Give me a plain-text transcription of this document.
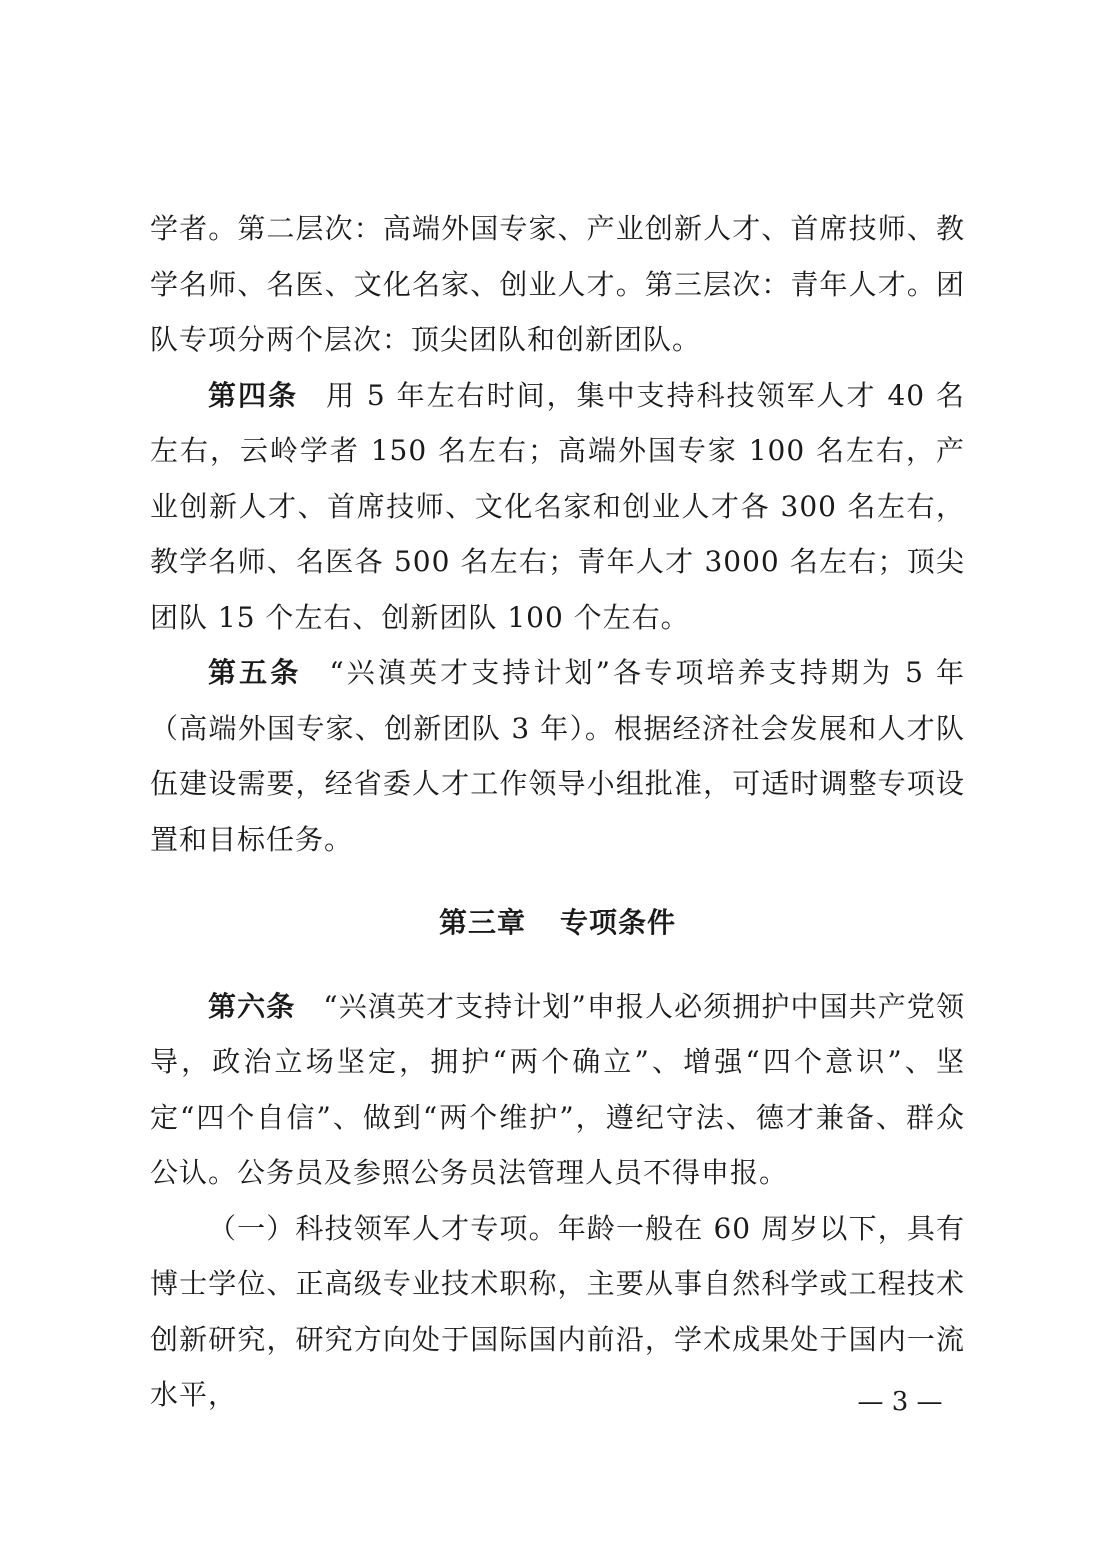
学者。第二层次：高端外国专家、产业创新人才、首席技师、教学名师、名医、文化名家、创业人才。第三层次：青年人才。团队专项分两个层次：顶尖团队和创新团队。

第四条 用 5 年左右时间，集中支持科技领军人才 40 名左右，云岭学者 150 名左右；高端外国专家 100 名左右，产业创新人才、首席技师、文化名家和创业人才各 300 名左右，教学名师、名医各 500 名左右；青年人才 3000 名左右；顶尖团队 15 个左右、创新团队 100 个左右。

第五条 “兴滇英才支持计划”各专项培养支持期为 5 年（高端外国专家、创新团队 3 年）。根据经济社会发展和人才队伍建设需要，经省委人才工作领导小组批准，可适时调整专项设置和目标任务。

第三章 专项条件

第六条 “兴滇英才支持计划”申报人必须拥护中国共产党领导，政治立场坚定，拥护“两个确立”、增强“四个意识”、坚定“四个自信”、做到“两个维护”，遵纪守法、德才兼备、群众公认。公务员及参照公务员法管理人员不得申报。

（一）科技领军人才专项。年龄一般在 60 周岁以下，具有博士学位、正高级专业技术职称，主要从事自然科学或工程技术创新研究，研究方向处于国际国内前沿，学术成果处于国内一流水平，	— 3 —
